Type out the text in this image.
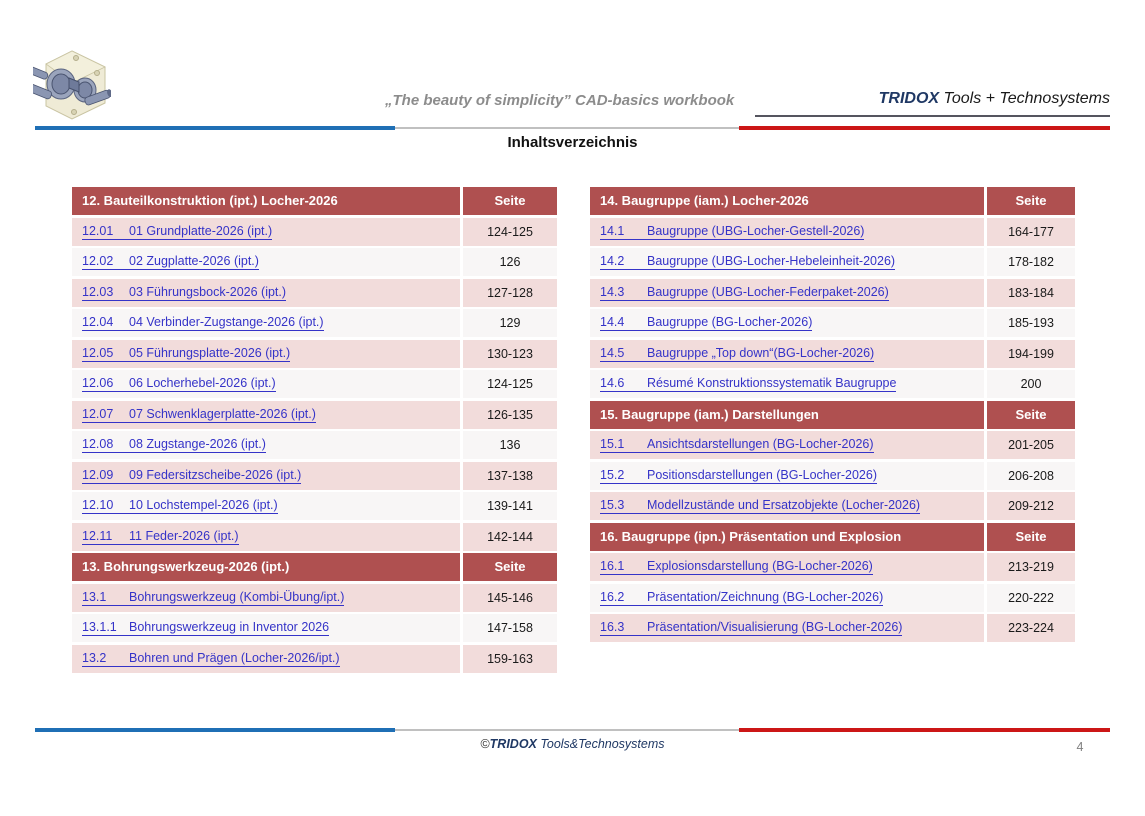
„The beauty of simplicity” CAD-basics workbook	TRIDOX Tools + Technosystems
Inhaltsverzeichnis
12. Bauteilkonstruktion (ipt.) Locher-2026	Seite
12.01 01 Grundplatte-2026 (ipt.)	124-125
12.02 02 Zugplatte-2026 (ipt.)	126
12.03 03 Führungsbock-2026 (ipt.)	127-128
12.04 04 Verbinder-Zugstange-2026 (ipt.)	129
12.05 05 Führungsplatte-2026 (ipt.)	130-123
12.06 06 Locherhebel-2026 (ipt.)	124-125
12.07 07 Schwenklagerplatte-2026 (ipt.)	126-135
12.08 08 Zugstange-2026 (ipt.)	136
12.09 09 Federsitzscheibe-2026 (ipt.)	137-138
12.10 10 Lochstempel-2026 (ipt.)	139-141
12.11 11 Feder-2026 (ipt.)	142-144
13. Bohrungswerkzeug-2026 (ipt.)	Seite
13.1 Bohrungswerkzeug (Kombi-Übung/ipt.)	145-146
13.1.1 Bohrungswerkzeug in Inventor 2026	147-158
13.2 Bohren und Prägen (Locher-2026/ipt.)	159-163
14. Baugruppe (iam.) Locher-2026	Seite
14.1 Baugruppe (UBG-Locher-Gestell-2026)	164-177
14.2 Baugruppe (UBG-Locher-Hebeleinheit-2026)	178-182
14.3 Baugruppe (UBG-Locher-Federpaket-2026)	183-184
14.4 Baugruppe (BG-Locher-2026)	185-193
14.5 Baugruppe „Top down“(BG-Locher-2026)	194-199
14.6 Résumé Konstruktionssystematik Baugruppe	200
15. Baugruppe (iam.) Darstellungen	Seite
15.1 Ansichtsdarstellungen (BG-Locher-2026)	201-205
15.2 Positionsdarstellungen (BG-Locher-2026)	206-208
15.3 Modellzustände und Ersatzobjekte (Locher-2026)	209-212
16. Baugruppe (ipn.) Präsentation und Explosion	Seite
16.1 Explosionsdarstellung (BG-Locher-2026)	213-219
16.2 Präsentation/Zeichnung (BG-Locher-2026)	220-222
16.3 Präsentation/Visualisierung (BG-Locher-2026)	223-224
©TRIDOX Tools&Technosystems	4
